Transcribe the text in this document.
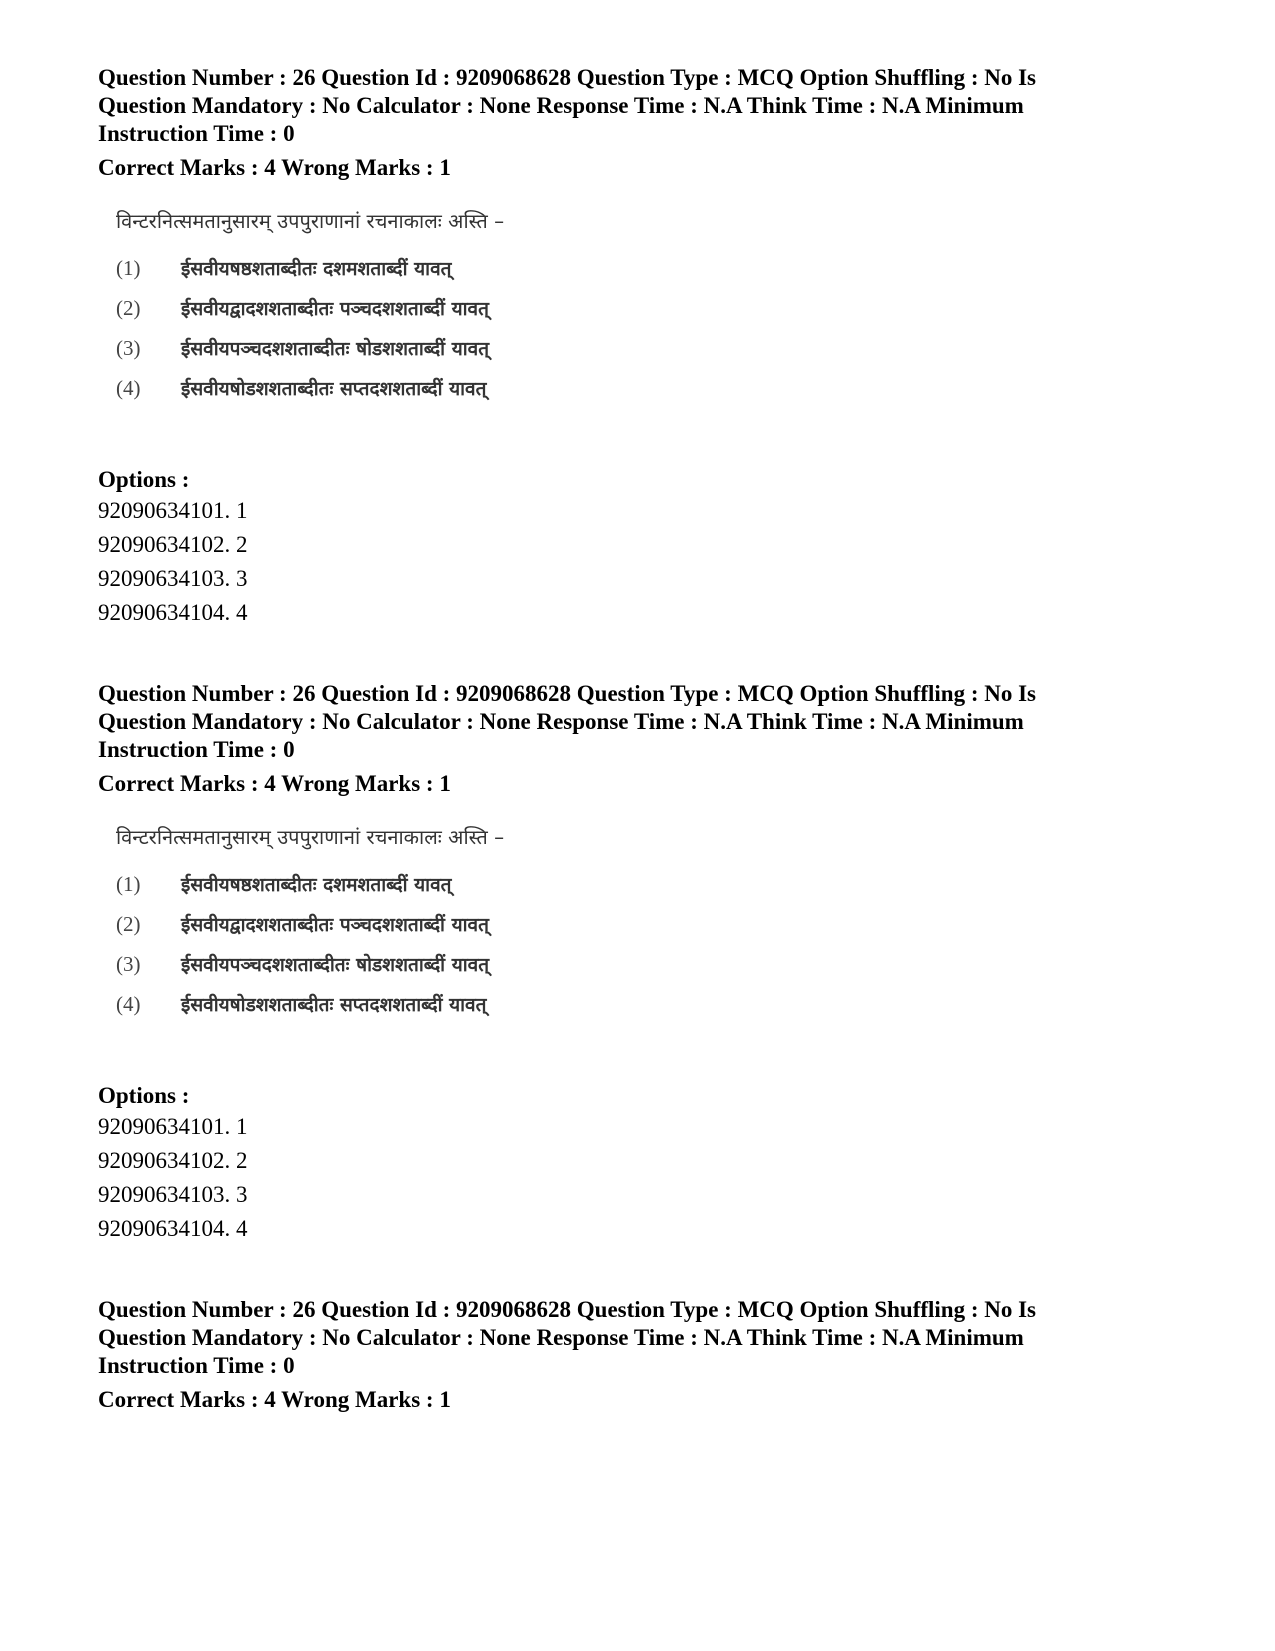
Question Number : 26 Question Id : 9209068628 Question Type : MCQ Option Shuffling : No Is
Question Mandatory : No Calculator : None Response Time : N.A Think Time : N.A Minimum
Instruction Time : 0
Correct Marks : 4 Wrong Marks : 1
विन्टरनित्समतानुसारम् उपपुराणानां रचनाकालः अस्ति –
(1)	ईसवीयषष्ठशताब्दीतः दशमशताब्दीं यावत्
(2)	ईसवीयद्वादशशताब्दीतः पञ्चदशशताब्दीं यावत्
(3)	ईसवीयपञ्चदशशताब्दीतः षोडशशताब्दीं यावत्
(4)	ईसवीयषोडशशताब्दीतः सप्तदशशताब्दीं यावत्
Options :
92090634101. 1
92090634102. 2
92090634103. 3
92090634104. 4
Question Number : 26 Question Id : 9209068628 Question Type : MCQ Option Shuffling : No Is
Question Mandatory : No Calculator : None Response Time : N.A Think Time : N.A Minimum
Instruction Time : 0
Correct Marks : 4 Wrong Marks : 1
विन्टरनित्समतानुसारम् उपपुराणानां रचनाकालः अस्ति –
(1)	ईसवीयषष्ठशताब्दीतः दशमशताब्दीं यावत्
(2)	ईसवीयद्वादशशताब्दीतः पञ्चदशशताब्दीं यावत्
(3)	ईसवीयपञ्चदशशताब्दीतः षोडशशताब्दीं यावत्
(4)	ईसवीयषोडशशताब्दीतः सप्तदशशताब्दीं यावत्
Options :
92090634101. 1
92090634102. 2
92090634103. 3
92090634104. 4
Question Number : 26 Question Id : 9209068628 Question Type : MCQ Option Shuffling : No Is
Question Mandatory : No Calculator : None Response Time : N.A Think Time : N.A Minimum
Instruction Time : 0
Correct Marks : 4 Wrong Marks : 1
